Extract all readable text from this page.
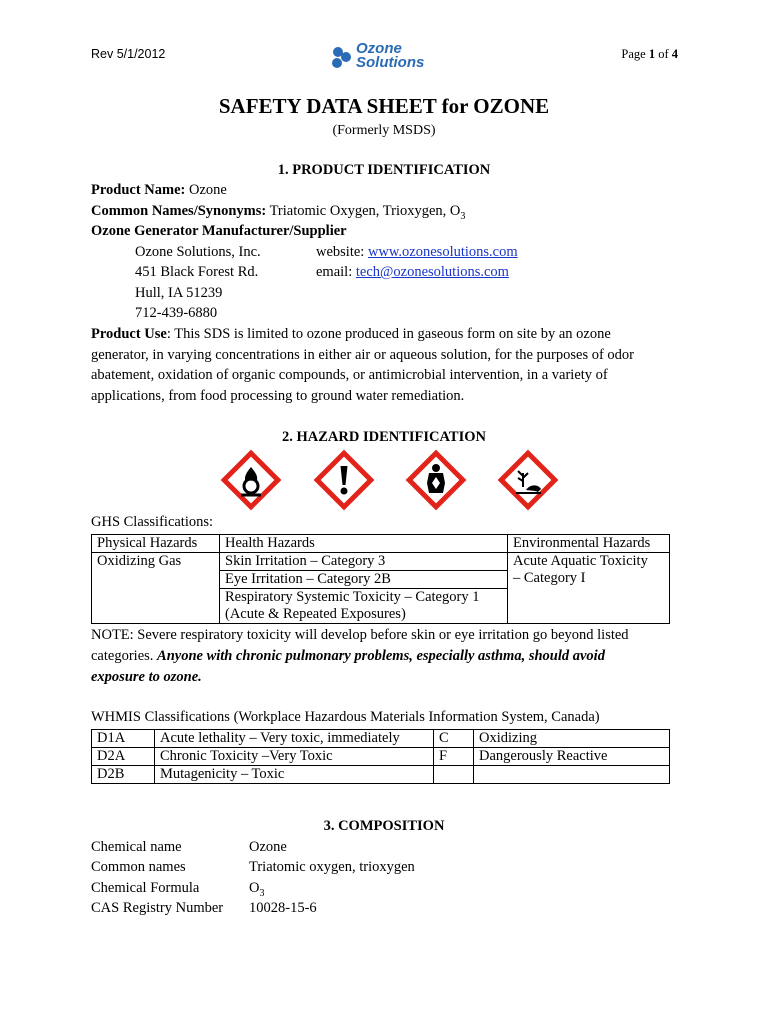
Rev 5/1/2012	Ozone
Solutions	Page 1 of 4
SAFETY DATA SHEET for OZONE
(Formerly MSDS)
1. PRODUCT IDENTIFICATION
Product Name: Ozone
Common Names/Synonyms: Triatomic Oxygen, Trioxygen, $O_3$
Ozone Generator Manufacturer/Supplier
Ozone Solutions, Inc.
451 Black Forest Rd.
Hull, IA 51239
712-439-6880
website: www.ozonesolutions.com
email: tech@ozonesolutions.com
Product Use: This SDS is limited to ozone produced in gaseous form on site by an ozone
generator, in varying concentrations in either air or aqueous solution, for the purposes of odor
abatement, oxidation of organic compounds, or antimicrobial intervention, in a variety of
applications, from food processing to ground water remediation.
2. HAZARD IDENTIFICATION
GHS Classifications:
Physical Hazards	Health Hazards	Environmental Hazards
Oxidizing Gas	Skin Irritation – Category 3	Acute Aquatic Toxicity
– Category I

	Eye Irritation – Category 2B	

	Respiratory Systemic Toxicity – Category 1
(Acute & Repeated Exposures)	
NOTE: Severe respiratory toxicity will develop before skin or eye irritation go beyond listed
categories. Anyone with chronic pulmonary problems, especially asthma, should avoid
exposure to ozone.
WHMIS Classifications (Workplace Hazardous Materials Information System, Canada)
D1A	Acute lethality – Very toxic, immediately	C	Oxidizing
D2A	Chronic Toxicity –Very Toxic	F	Dangerously Reactive
D2B	Mutagenicity – Toxic		
3. COMPOSITION
Chemical name	Ozone
Common names	Triatomic oxygen, trioxygen
Chemical Formula	$O_3$
CAS Registry Number 10028-15-6
